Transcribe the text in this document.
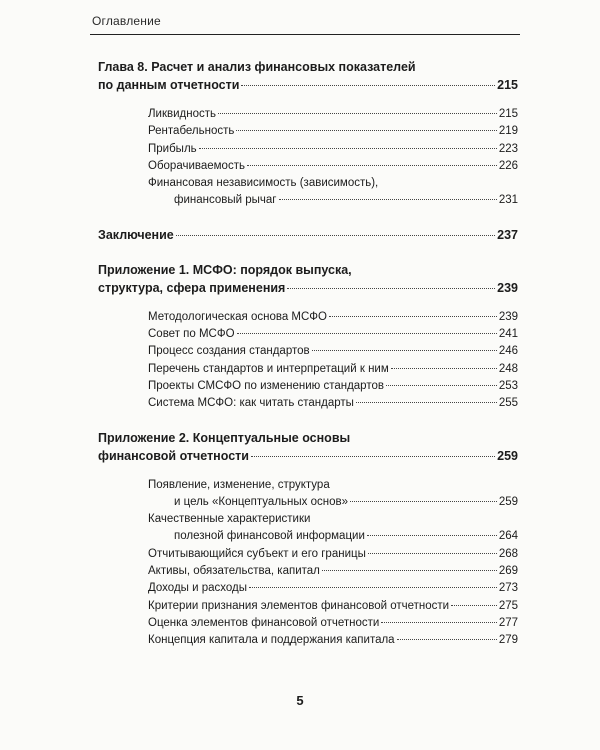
Оглавление
Глава 8. Расчет и анализ финансовых показателей
по данным отчетности	215
Ликвидность	215
Рентабельность	219
Прибыль	223
Оборачиваемость	226
Финансовая независимость (зависимость),
финансовый рычаг	231
Заключение	237
Приложение 1. МСФО: порядок выпуска,
структура, сфера применения	239
Методологическая основа МСФО	239
Совет по МСФО	241
Процесс создания стандартов	246
Перечень стандартов и интерпретаций к ним	248
Проекты СМСФО по изменению стандартов	253
Система МСФО: как читать стандарты	255
Приложение 2. Концептуальные основы
финансовой отчетности	259
Появление, изменение, структура
и цель «Концептуальных основ»	259
Качественные характеристики
полезной финансовой информации	264
Отчитывающийся субъект и его границы	268
Активы, обязательства, капитал	269
Доходы и расходы	273
Критерии признания элементов финансовой отчетности	275
Оценка элементов финансовой отчетности	277
Концепция капитала и поддержания капитала	279
5
